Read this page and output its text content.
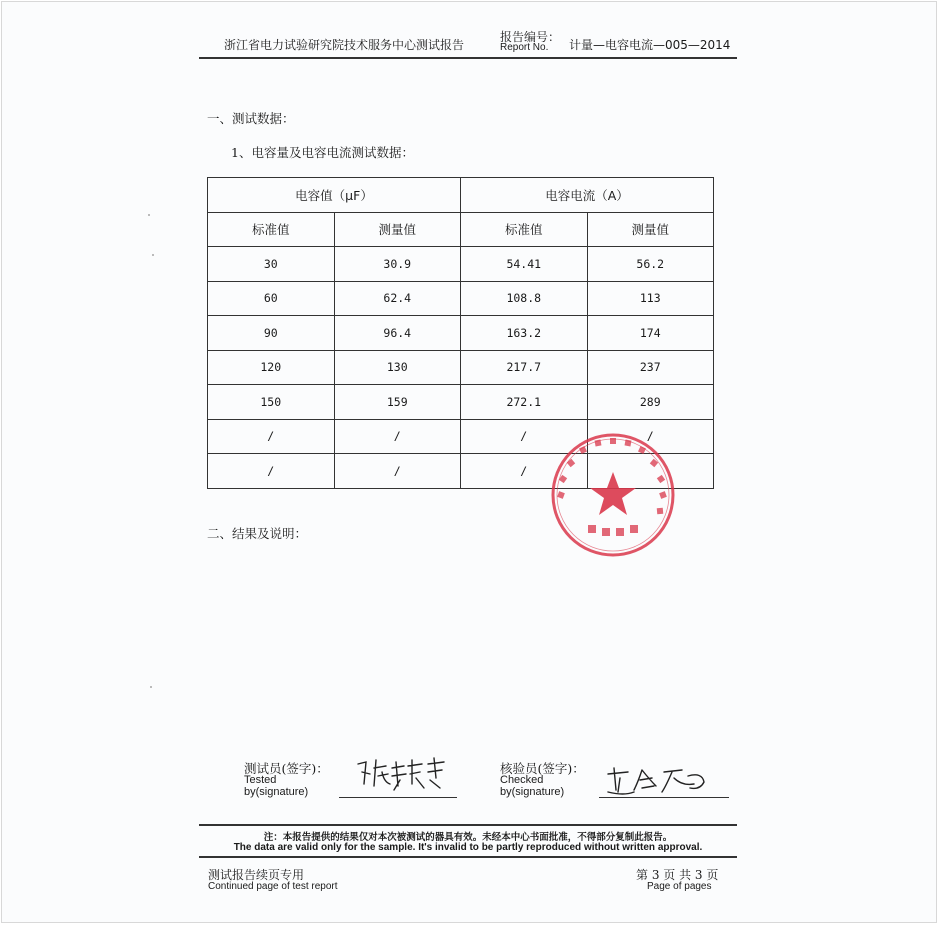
浙江省电力试验研究院技术服务中心测试报告
报告编号：
Report No. 计量—电容电流—005—2014
一、测试数据：
1、电容量及电容电流测试数据：
电容值（μF）		电容电流（A）	
标准值	测量值	标准值	测量值
30	30.9	54.41	56.2
60	62.4	108.8	113
90	96.4	163.2	174
120	130	217.7	237
150	159	272.1	289
/	/	/	/
/	/	/	
二、结果及说明：
测试员(签字)：
Tested
by(signature)
核验员(签字)：
Checked
by(signature)
注：本报告提供的结果仅对本次被测试的器具有效。未经本中心书面批准，不得部分复制此报告。
The data are valid only for the sample. It's invalid to be partly reproduced without written approval.
测试报告续页专用
Continued page of test report
第 3 页 共 3 页
Page of pages
